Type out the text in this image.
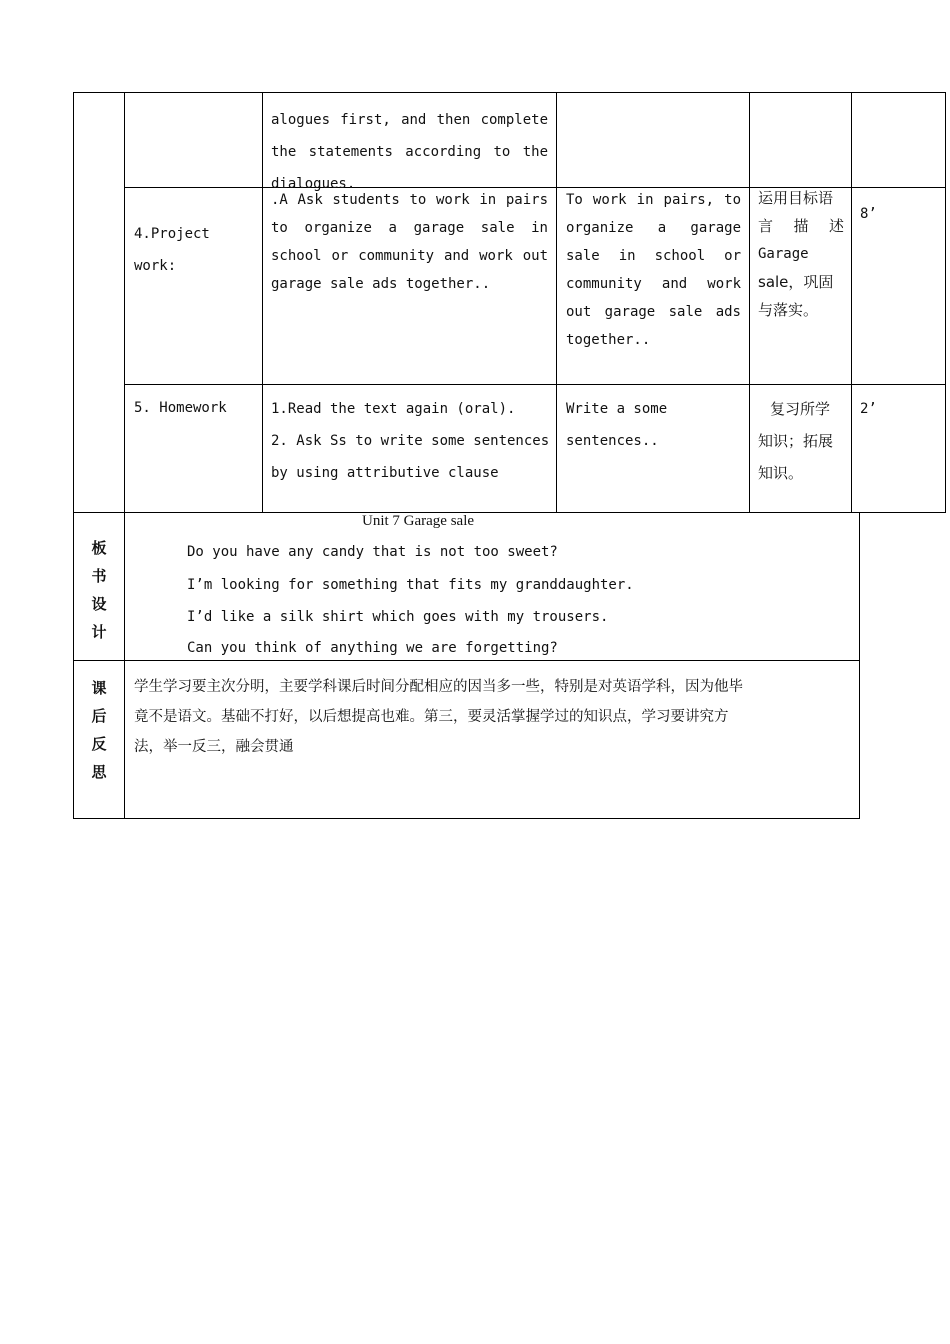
alogues first, and then complete
the statements according to the
dialogues.
4.Project
work:
.A Ask students to work in pairs
to organize a garage sale in
school or community and work out
garage sale ads together..
To work in pairs, to
organize a garage
sale in school or
community and work
out garage sale ads
together..
运用目标语
言 描 述
Garage
sale，巩固
与落实。
8’
5. Homework	1.Read the text again (oral).
2. Ask Ss to write some sentences
by using attributive clause
Write a some
sentences..
复习所学
知识；拓展
知识。
2’
板
书
设
计
Unit 7 Garage sale
Do you have any candy that is not too sweet?
I’m looking for something that fits my granddaughter.
I’d like a silk shirt which goes with my trousers.
Can you think of anything we are forgetting?
课
后
反
思
学生学习要主次分明，主要学科课后时间分配相应的因当多一些，特别是对英语学科，因为他毕
竟不是语文。基础不打好，以后想提高也难。第三，要灵活掌握学过的知识点，学习要讲究方
法，举一反三，融会贯通
